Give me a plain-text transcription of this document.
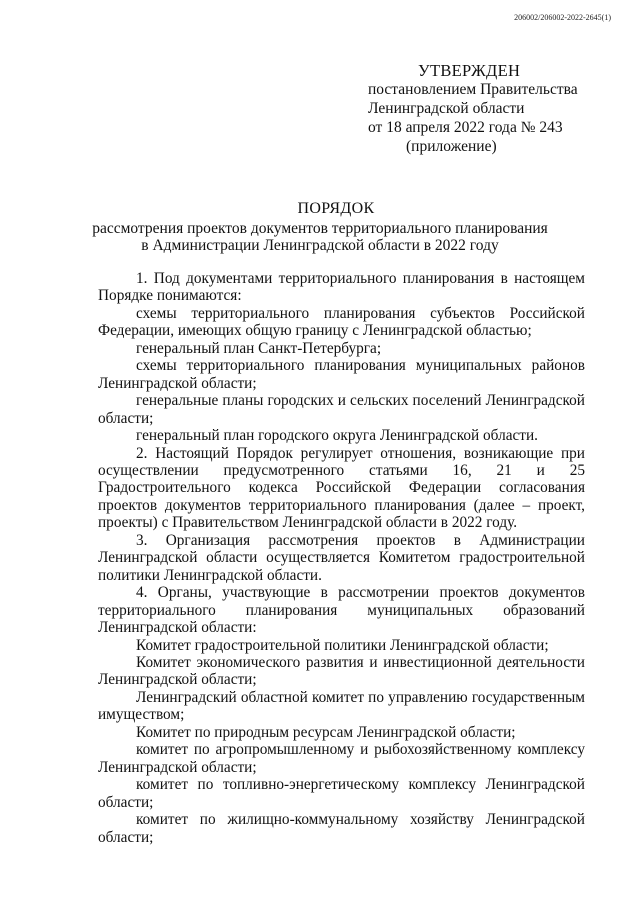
206002/206002-2022-2645(1)
УТВЕРЖДЕН
постановлением Правительства
Ленинградской области
от 18 апреля 2022 года № 243
(приложение)
ПОРЯДОК
рассмотрения проектов документов территориального планирования
в Администрации Ленинградской области в 2022 году

1. Под документами территориального планирования в настоящем Порядке понимаются:

схемы территориального планирования субъектов Российской Федерации, имеющих общую границу с Ленинградской областью;

генеральный план Санкт-Петербурга;

схемы территориального планирования муниципальных районов Ленинградской области;

генеральные планы городских и сельских поселений Ленинградской области;

генеральный план городского округа Ленинградской области.

2. Настоящий Порядок регулирует отношения, возникающие при осуществлении предусмотренного статьями 16, 21 и 25 Градостроительного кодекса Российской Федерации согласования проектов документов территориального планирования (далее – проект, проекты) с Правительством Ленинградской области в 2022 году.

3. Организация рассмотрения проектов в Администрации Ленинградской области осуществляется Комитетом градостроительной политики Ленинградской области.

4. Органы, участвующие в рассмотрении проектов документов территориального планирования муниципальных образований Ленинградской области:

Комитет градостроительной политики Ленинградской области;

Комитет экономического развития и инвестиционной деятельности Ленинградской области;

Ленинградский областной комитет по управлению государственным имуществом;

Комитет по природным ресурсам Ленинградской области;

комитет по агропромышленному и рыбохозяйственному комплексу Ленинградской области;

комитет по топливно-энергетическому комплексу Ленинградской области;

комитет по жилищно-коммунальному хозяйству Ленинградской области;
